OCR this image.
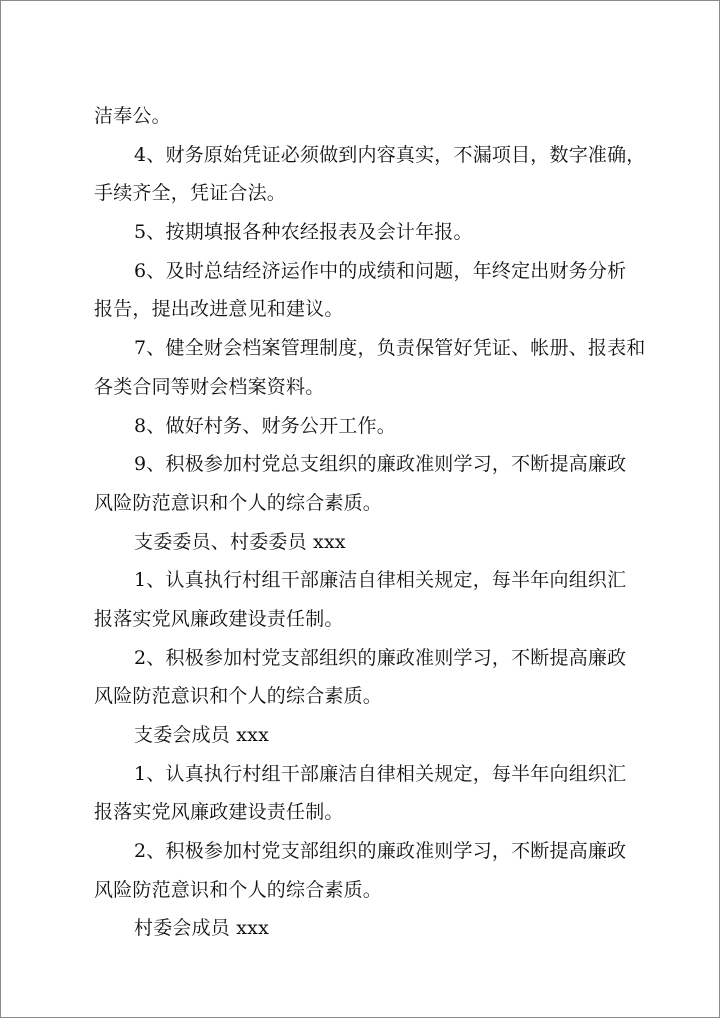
洁奉公。
4、财务原始凭证必须做到内容真实，不漏项目，数字准确，
手续齐全，凭证合法。
5、按期填报各种农经报表及会计年报。
6、及时总结经济运作中的成绩和问题，年终定出财务分析
报告，提出改进意见和建议。
7、健全财会档案管理制度，负责保管好凭证、帐册、报表和
各类合同等财会档案资料。
8、做好村务、财务公开工作。
9、积极参加村党总支组织的廉政准则学习，不断提高廉政
风险防范意识和个人的综合素质。
支委委员、村委委员 xxx
1、认真执行村组干部廉洁自律相关规定，每半年向组织汇
报落实党风廉政建设责任制。
2、积极参加村党支部组织的廉政准则学习，不断提高廉政
风险防范意识和个人的综合素质。
支委会成员 xxx
1、认真执行村组干部廉洁自律相关规定，每半年向组织汇
报落实党风廉政建设责任制。
2、积极参加村党支部组织的廉政准则学习，不断提高廉政
风险防范意识和个人的综合素质。
村委会成员 xxx
